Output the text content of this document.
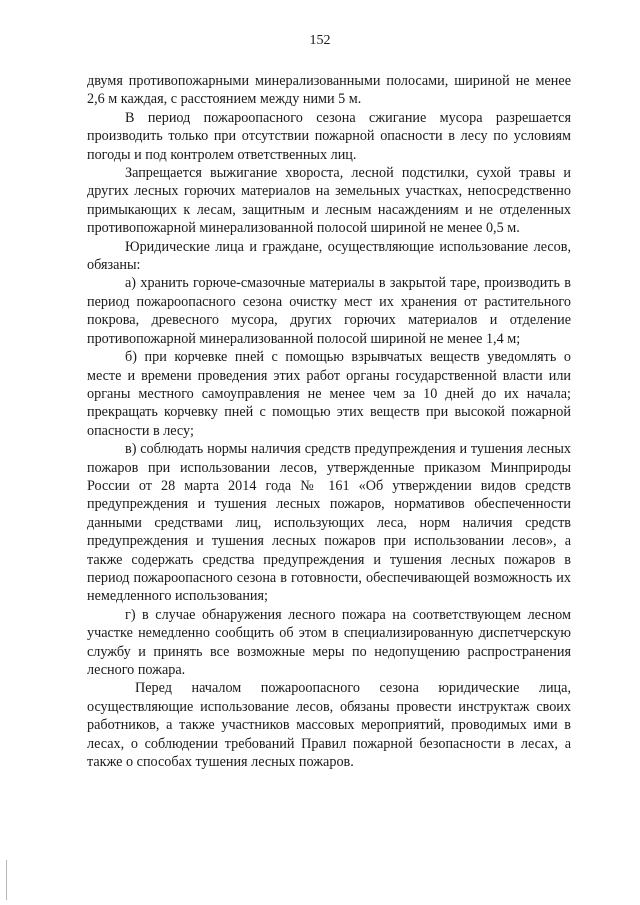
152

двумя противопожарными минерализованными полосами, шириной не менее 2,6 м каждая, с расстоянием между ними 5 м.

В период пожароопасного сезона сжигание мусора разрешается производить только при отсутствии пожарной опасности в лесу по условиям погоды и под контролем ответственных лиц.

Запрещается выжигание хвороста, лесной подстилки, сухой травы и других лесных горючих материалов на земельных участках, непосредственно примыкающих к лесам, защитным и лесным насаждениям и не отделенных противопожарной минерализованной полосой шириной не менее 0,5 м.

Юридические лица и граждане, осуществляющие использование лесов, обязаны:

а) хранить горюче-смазочные материалы в закрытой таре, производить в период пожароопасного сезона очистку мест их хранения от растительного покрова, древесного мусора, других горючих материалов и отделение противопожарной минерализованной полосой шириной не менее 1,4 м;

б) при корчевке пней с помощью взрывчатых веществ уведомлять о месте и времени проведения этих работ органы государственной власти или органы местного самоуправления не менее чем за 10 дней до их начала; прекращать корчевку пней с помощью этих веществ при высокой пожарной опасности в лесу;

в) соблюдать нормы наличия средств предупреждения и тушения лесных пожаров при использовании лесов, утвержденные приказом Минприроды России от 28 марта 2014 года № 161 «Об утверждении видов средств предупреждения и тушения лесных пожаров, нормативов обеспеченности данными средствами лиц, использующих леса, норм наличия средств предупреждения и тушения лесных пожаров при использовании лесов», а также содержать средства предупреждения и тушения лесных пожаров в период пожароопасного сезона в готовности, обеспечивающей возможность их немедленного использования;

г) в случае обнаружения лесного пожара на соответствующем лесном участке немедленно сообщить об этом в специализированную диспетчерскую службу и принять все возможные меры по недопущению распространения лесного пожара.

Перед началом пожароопасного сезона юридические лица, осуществляющие использование лесов, обязаны провести инструктаж своих работников, а также участников массовых мероприятий, проводимых ими в лесах, о соблюдении требований Правил пожарной безопасности в лесах, а также о способах тушения лесных пожаров.
